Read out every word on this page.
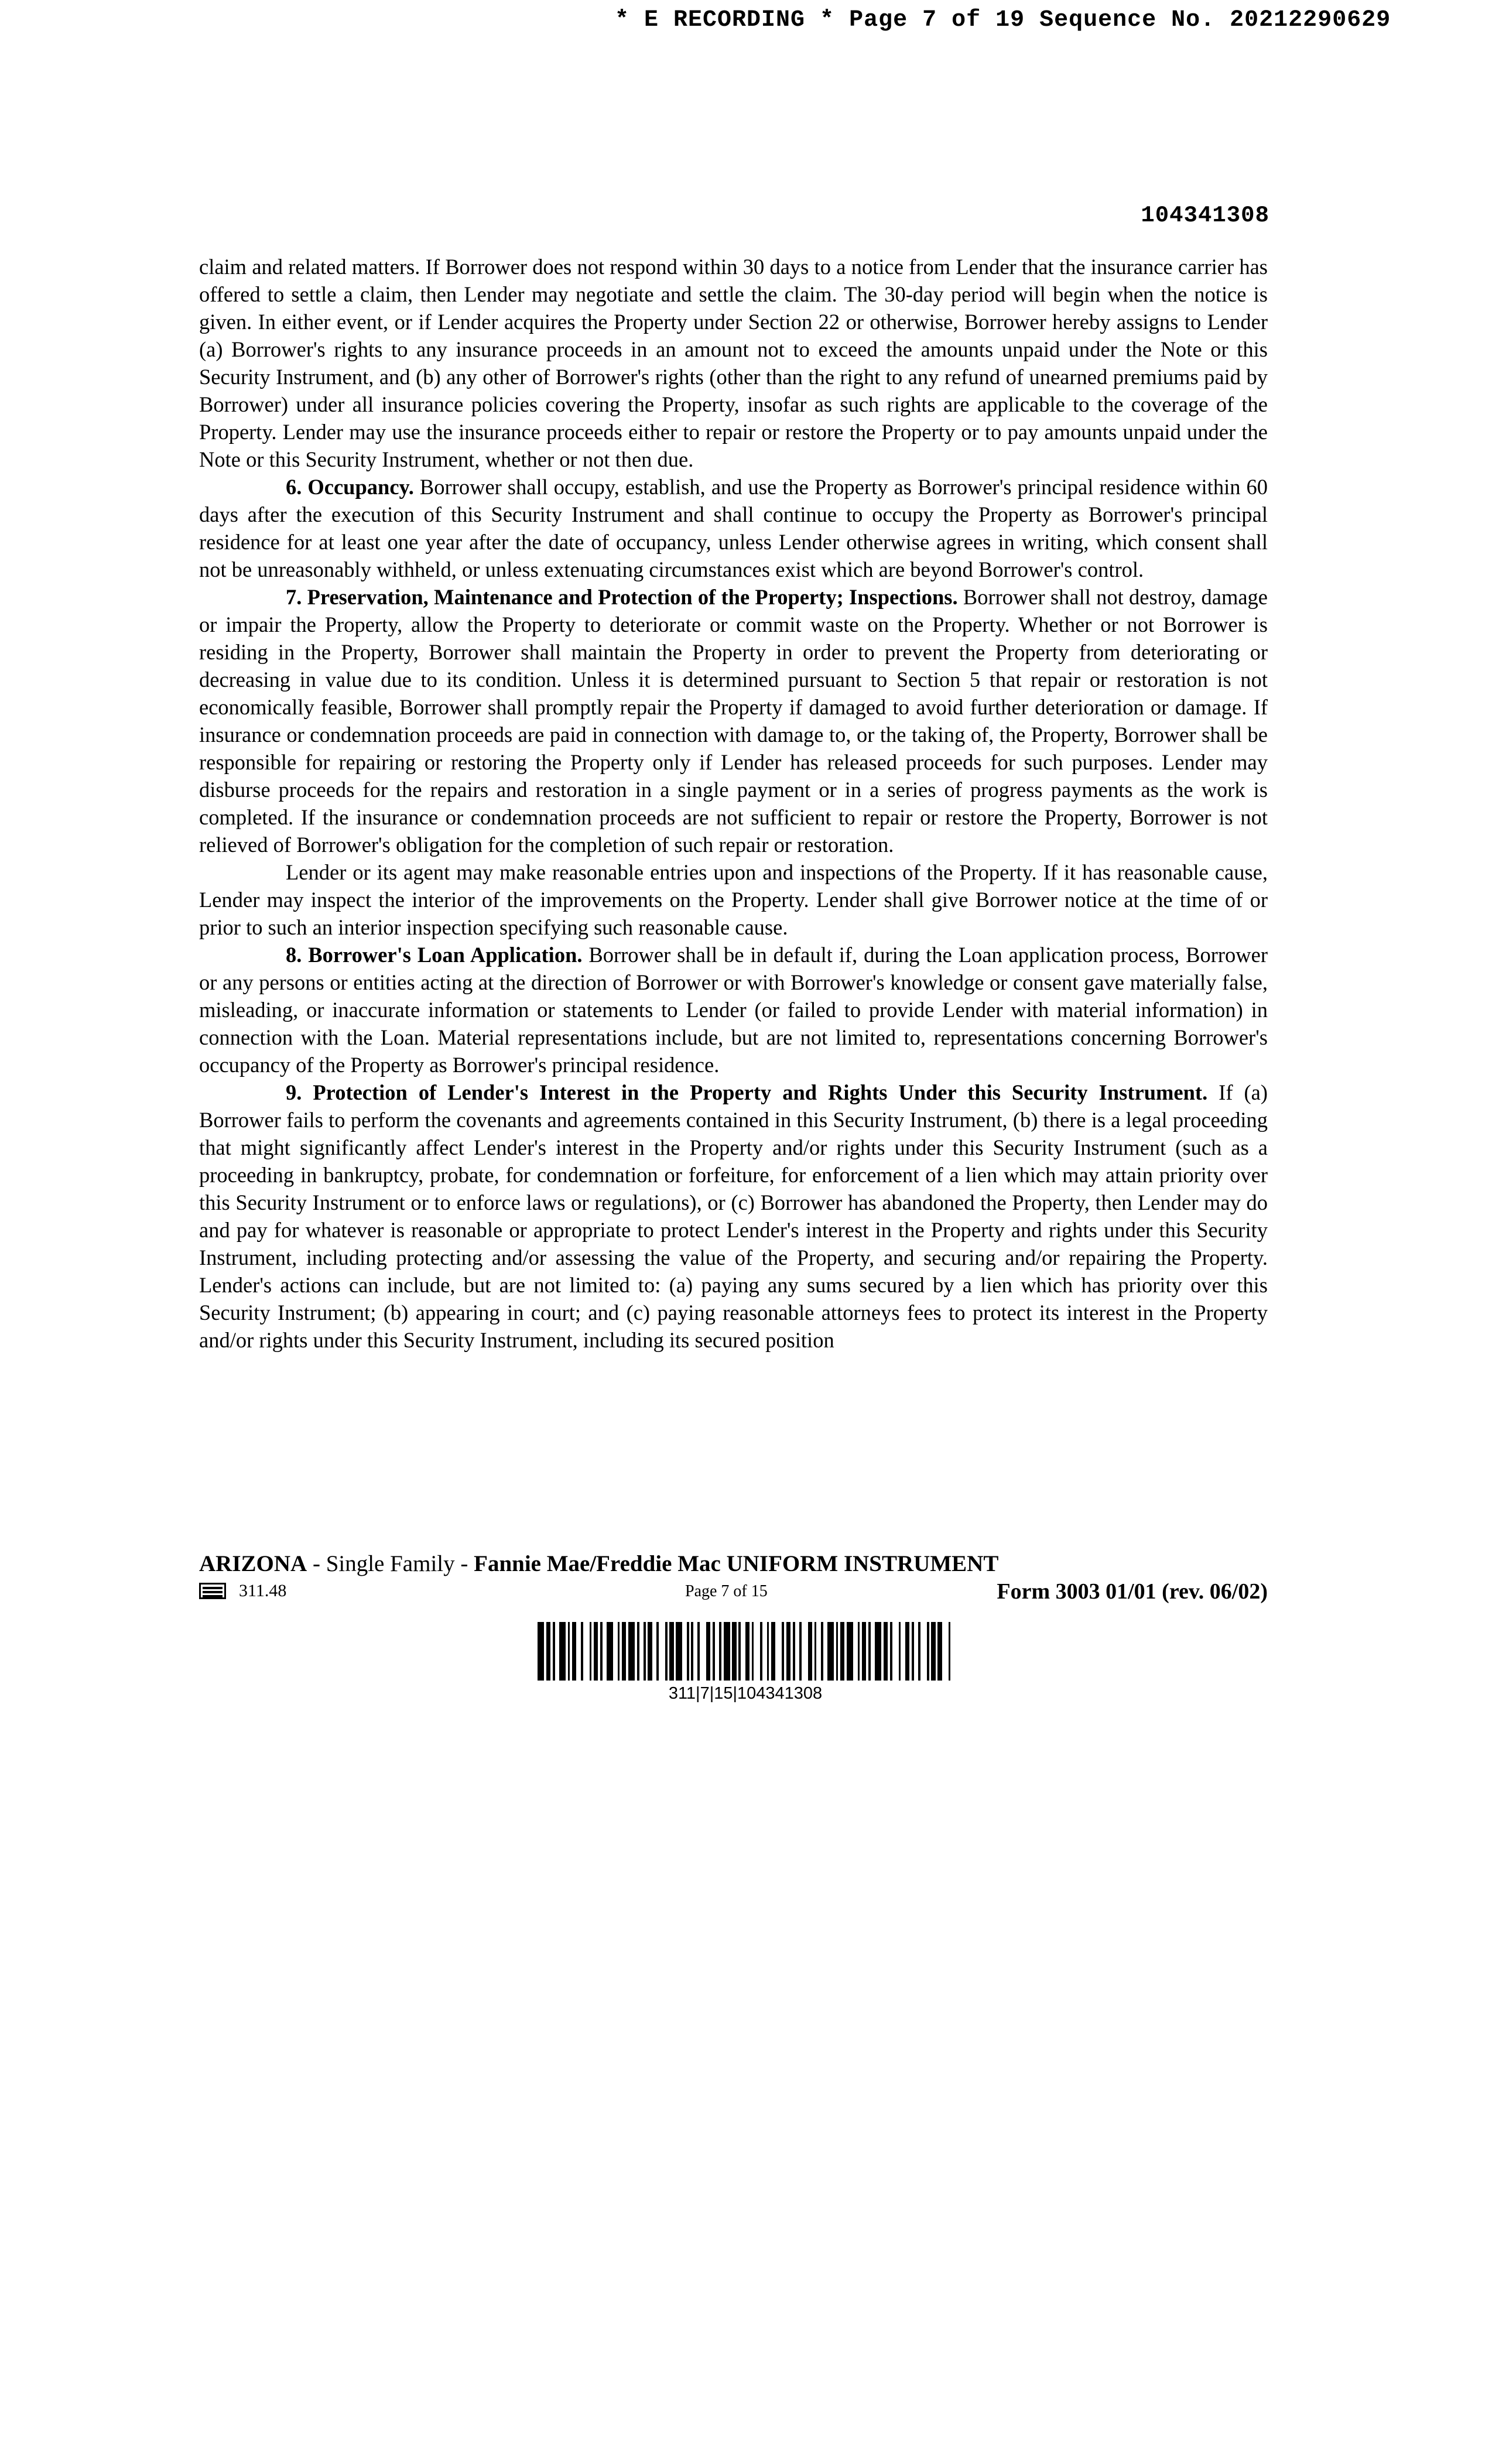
* E RECORDING * Page 7 of 19 Sequence No. 20212290629
104341308

claim and related matters. If Borrower does not respond within 30 days to a notice from Lender that the insurance carrier has offered to settle a claim, then Lender may negotiate and settle the claim. The 30-day period will begin when the notice is given. In either event, or if Lender acquires the Property under Section 22 or otherwise, Borrower hereby assigns to Lender (a) Borrower's rights to any insurance proceeds in an amount not to exceed the amounts unpaid under the Note or this Security Instrument, and (b) any other of Borrower's rights (other than the right to any refund of unearned premiums paid by Borrower) under all insurance policies covering the Property, insofar as such rights are applicable to the coverage of the Property. Lender may use the insurance proceeds either to repair or restore the Property or to pay amounts unpaid under the Note or this Security Instrument, whether or not then due.

6. Occupancy. Borrower shall occupy, establish, and use the Property as Borrower's principal residence within 60 days after the execution of this Security Instrument and shall continue to occupy the Property as Borrower's principal residence for at least one year after the date of occupancy, unless Lender otherwise agrees in writing, which consent shall not be unreasonably withheld, or unless extenuating circumstances exist which are beyond Borrower's control.

7. Preservation, Maintenance and Protection of the Property; Inspections. Borrower shall not destroy, damage or impair the Property, allow the Property to deteriorate or commit waste on the Property. Whether or not Borrower is residing in the Property, Borrower shall maintain the Property in order to prevent the Property from deteriorating or decreasing in value due to its condition. Unless it is determined pursuant to Section 5 that repair or restoration is not economically feasible, Borrower shall promptly repair the Property if damaged to avoid further deterioration or damage. If insurance or condemnation proceeds are paid in connection with damage to, or the taking of, the Property, Borrower shall be responsible for repairing or restoring the Property only if Lender has released proceeds for such purposes. Lender may disburse proceeds for the repairs and restoration in a single payment or in a series of progress payments as the work is completed. If the insurance or condemnation proceeds are not sufficient to repair or restore the Property, Borrower is not relieved of Borrower's obligation for the completion of such repair or restoration.

Lender or its agent may make reasonable entries upon and inspections of the Property. If it has reasonable cause, Lender may inspect the interior of the improvements on the Property. Lender shall give Borrower notice at the time of or prior to such an interior inspection specifying such reasonable cause.

8. Borrower's Loan Application. Borrower shall be in default if, during the Loan application process, Borrower or any persons or entities acting at the direction of Borrower or with Borrower's knowledge or consent gave materially false, misleading, or inaccurate information or statements to Lender (or failed to provide Lender with material information) in connection with the Loan. Material representations include, but are not limited to, representations concerning Borrower's occupancy of the Property as Borrower's principal residence.

9. Protection of Lender's Interest in the Property and Rights Under this Security Instrument. If (a) Borrower fails to perform the covenants and agreements contained in this Security Instrument, (b) there is a legal proceeding that might significantly affect Lender's interest in the Property and/or rights under this Security Instrument (such as a proceeding in bankruptcy, probate, for condemnation or forfeiture, for enforcement of a lien which may attain priority over this Security Instrument or to enforce laws or regulations), or (c) Borrower has abandoned the Property, then Lender may do and pay for whatever is reasonable or appropriate to protect Lender's interest in the Property and rights under this Security Instrument, including protecting and/or assessing the value of the Property, and securing and/or repairing the Property. Lender's actions can include, but are not limited to: (a) paying any sums secured by a lien which has priority over this Security Instrument; (b) appearing in court; and (c) paying reasonable attorneys fees to protect its interest in the Property and/or rights under this Security Instrument, including its secured position

ARIZONA - Single Family - Fannie Mae/Freddie Mac UNIFORM INSTRUMENT
311.48	Page 7 of 15	Form 3003 01/01 (rev. 06/02)
311|7|15|104341308
